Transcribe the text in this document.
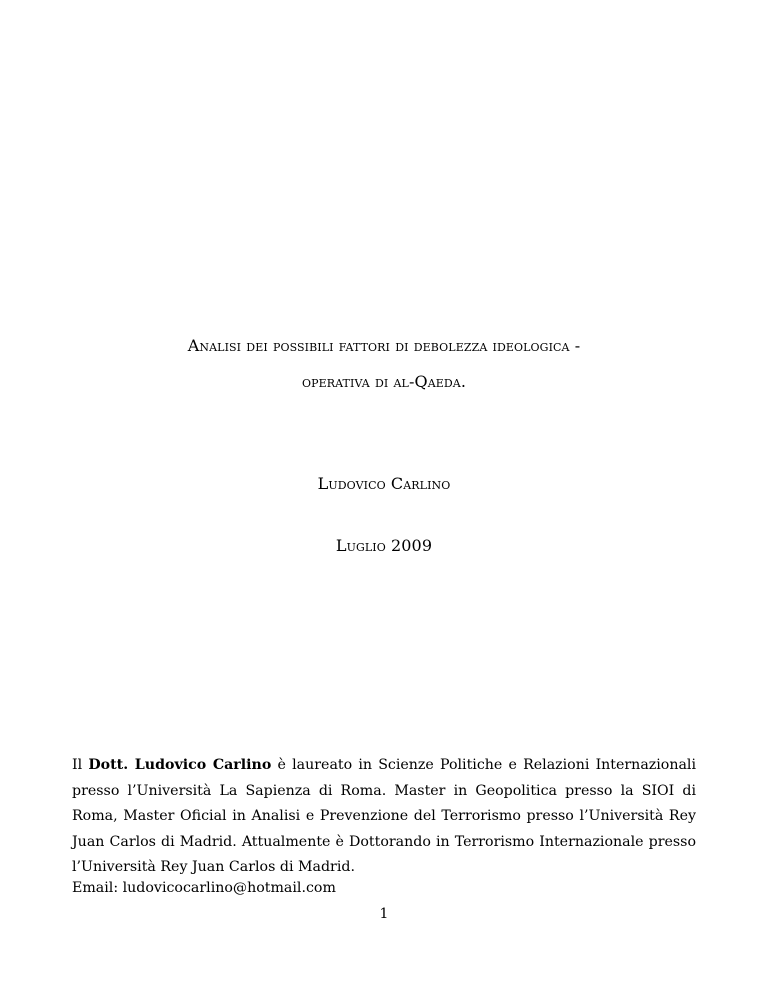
Analisi dei possibili fattori di debolezza ideologica -
operativa di al-Qaeda.
Ludovico Carlino
Luglio 2009
Il Dott. Ludovico Carlino è laureato in Scienze Politiche e Relazioni Internazionali presso l’Università La Sapienza di Roma. Master in Geopolitica presso la SIOI di Roma, Master Oficial in Analisi e Prevenzione del Terrorismo presso l’Università Rey Juan Carlos di Madrid. Attualmente è Dottorando in Terrorismo Internazionale presso l’Università Rey Juan Carlos di Madrid.
Email: ludovicocarlino@hotmail.com
1
